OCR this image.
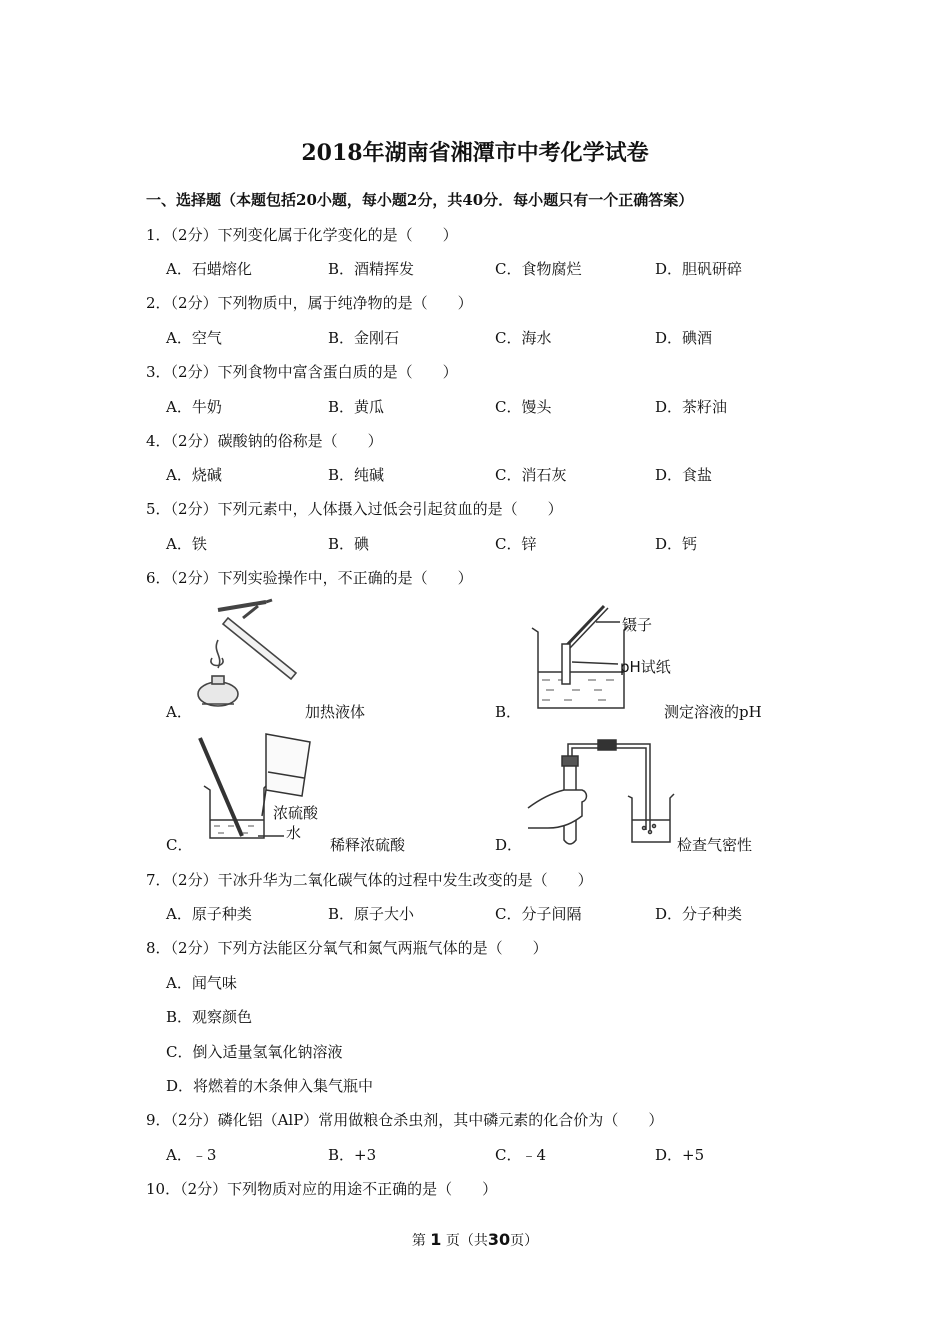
2018年湖南省湘潭市中考化学试卷
一、选择题（本题包括20小题，每小题2分，共40分．每小题只有一个正确答案）
1．（2分）下列变化属于化学变化的是（　　）
A．石蜡熔化	B．酒精挥发	C．食物腐烂	D．胆矾研碎
2．（2分）下列物质中，属于纯净物的是（　　）
A．空气	B．金刚石	C．海水	D．碘酒
3．（2分）下列食物中富含蛋白质的是（　　）
A．牛奶	B．黄瓜	C．馒头	D．茶籽油
4．（2分）碳酸钠的俗称是（　　）
A．烧碱	B．纯碱	C．消石灰	D．食盐
5．（2分）下列元素中，人体摄入过低会引起贫血的是（　　）
A．铁	B．碘	C．锌	D．钙
6．（2分）下列实验操作中，不正确的是（　　）
A．	加热液体
镊子
pH试纸
B．	测定溶液的pH
浓硫酸
水
C．	稀释浓硫酸	D．	检查气密性
7．（2分）干冰升华为二氧化碳气体的过程中发生改变的是（　　）
A．原子种类	B．原子大小	C．分子间隔	D．分子种类
8．（2分）下列方法能区分氧气和氮气两瓶气体的是（　　）
A．闻气味
B．观察颜色
C．倒入适量氢氧化钠溶液
D．将燃着的木条伸入集气瓶中
9．（2分）磷化铝（AlP）常用做粮仓杀虫剂，其中磷元素的化合价为（　　）
A．﹣3	B．+3	C．﹣4	D．+5
10．（2分）下列物质对应的用途不正确的是（　　）
第 1 页（共30页）
